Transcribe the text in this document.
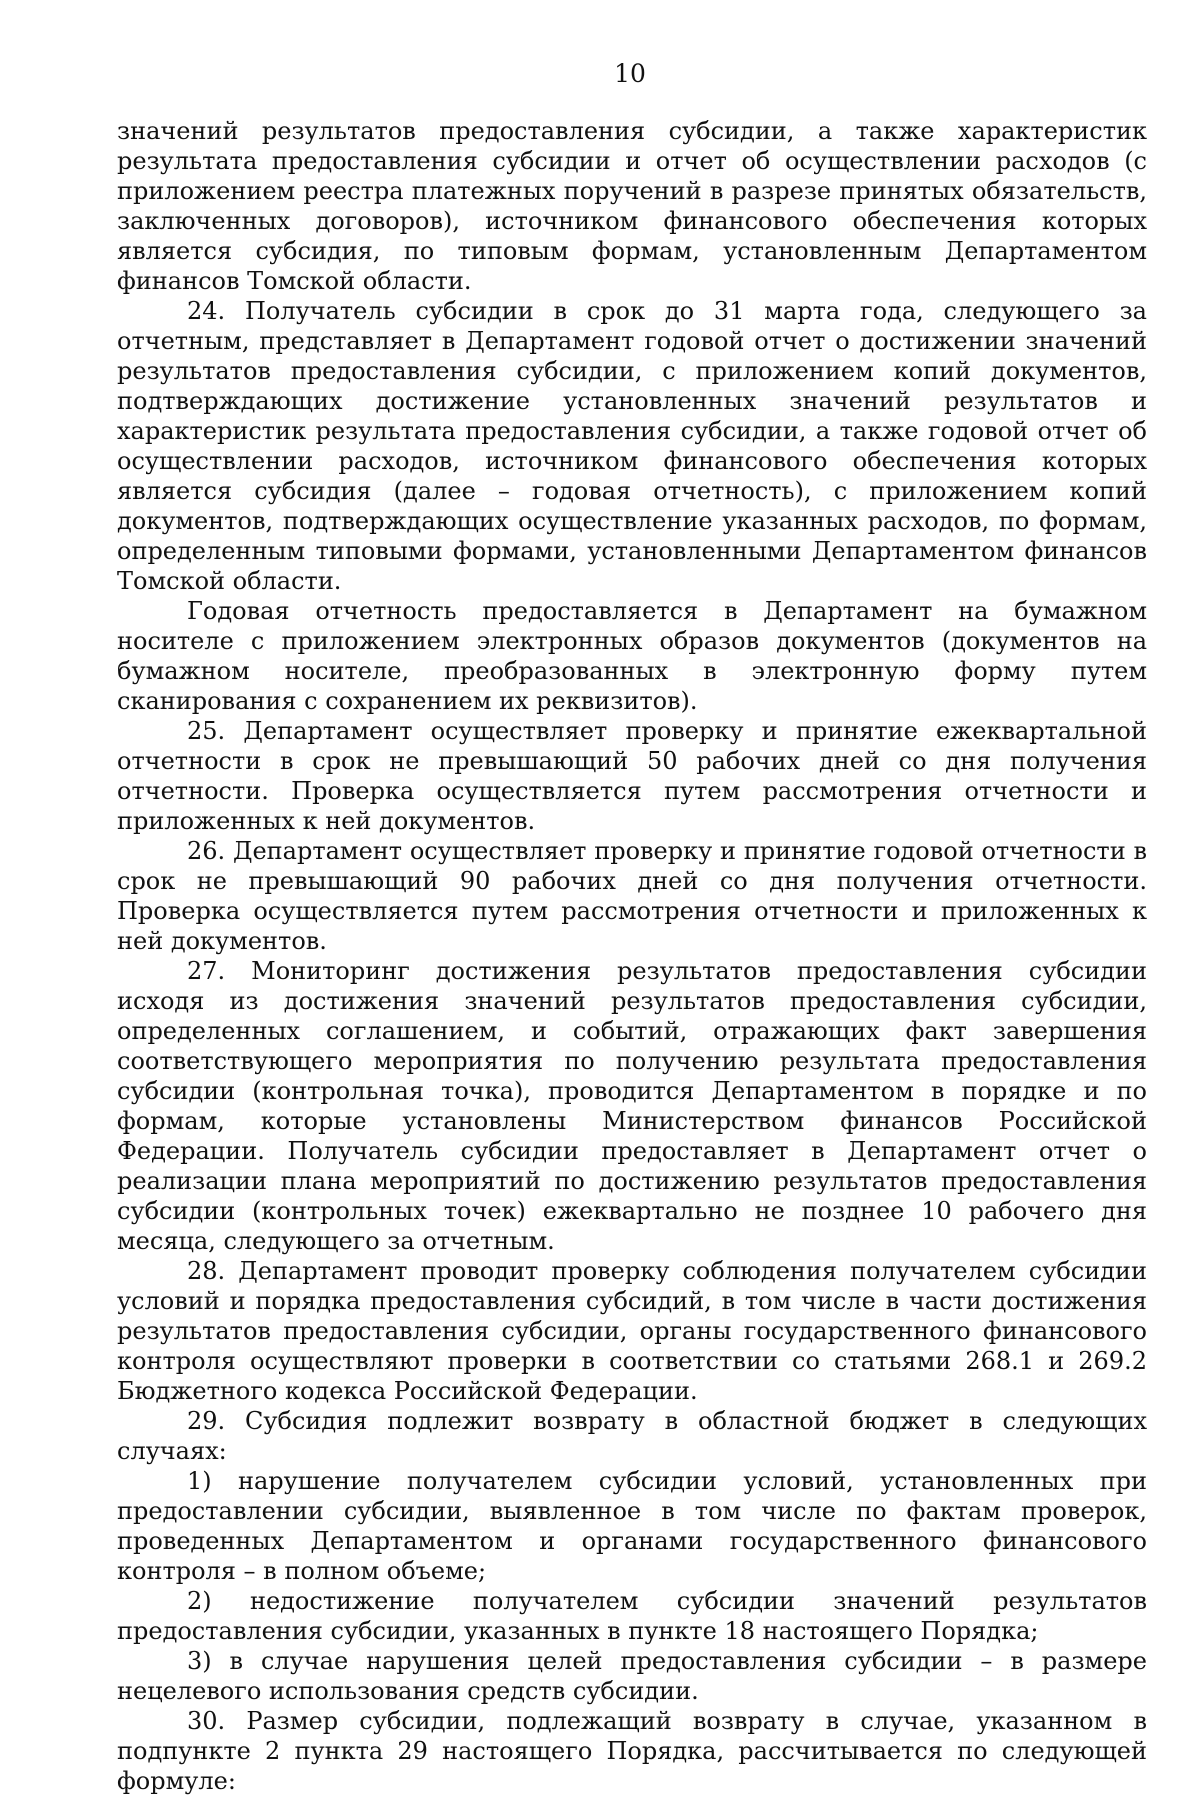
10

значений результатов предоставления субсидии, а также характеристик результата предоставления субсидии и отчет об осуществлении расходов (с приложением реестра платежных поручений в разрезе принятых обязательств, заключенных договоров), источником финансового обеспечения которых является субсидия, по типовым формам, установленным Департаментом финансов Томской области.

24. Получатель субсидии в срок до 31 марта года, следующего за отчетным, представляет в Департамент годовой отчет о достижении значений результатов предоставления субсидии, с приложением копий документов, подтверждающих достижение установленных значений результатов и характеристик результата предоставления субсидии, а также годовой отчет об осуществлении расходов, источником финансового обеспечения которых является субсидия (далее – годовая отчетность), с приложением копий документов, подтверждающих осуществление указанных расходов, по формам, определенным типовыми формами, установленными Департаментом финансов Томской области.

Годовая отчетность предоставляется в Департамент на бумажном носителе с приложением электронных образов документов (документов на бумажном носителе, преобразованных в электронную форму путем сканирования с сохранением их реквизитов).

25. Департамент осуществляет проверку и принятие ежеквартальной отчетности в срок не превышающий 50 рабочих дней со дня получения отчетности. Проверка осуществляется путем рассмотрения отчетности и приложенных к ней документов.

26. Департамент осуществляет проверку и принятие годовой отчетности в срок не превышающий 90 рабочих дней со дня получения отчетности. Проверка осуществляется путем рассмотрения отчетности и приложенных к ней документов.

27. Мониторинг достижения результатов предоставления субсидии исходя из достижения значений результатов предоставления субсидии, определенных соглашением, и событий, отражающих факт завершения соответствующего мероприятия по получению результата предоставления субсидии (контрольная точка), проводится Департаментом в порядке и по формам, которые установлены Министерством финансов Российской Федерации. Получатель субсидии предоставляет в Департамент отчет о реализации плана мероприятий по достижению результатов предоставления субсидии (контрольных точек) ежеквартально не позднее 10 рабочего дня месяца, следующего за отчетным.

28. Департамент проводит проверку соблюдения получателем субсидии условий и порядка предоставления субсидий, в том числе в части достижения результатов предоставления субсидии, органы государственного финансового контроля осуществляют проверки в соответствии со статьями 268.1 и 269.2 Бюджетного кодекса Российской Федерации.

29. Субсидия подлежит возврату в областной бюджет в следующих случаях:

1) нарушение получателем субсидии условий, установленных при предоставлении субсидии, выявленное в том числе по фактам проверок, проведенных Департаментом и органами государственного финансового контроля – в полном объеме;

2) недостижение получателем субсидии значений результатов предоставления субсидии, указанных в пункте 18 настоящего Порядка;

3) в случае нарушения целей предоставления субсидии – в размере нецелевого использования средств субсидии.

30. Размер субсидии, подлежащий возврату в случае, указанном в подпункте 2 пункта 29 настоящего Порядка, рассчитывается по следующей формуле:
